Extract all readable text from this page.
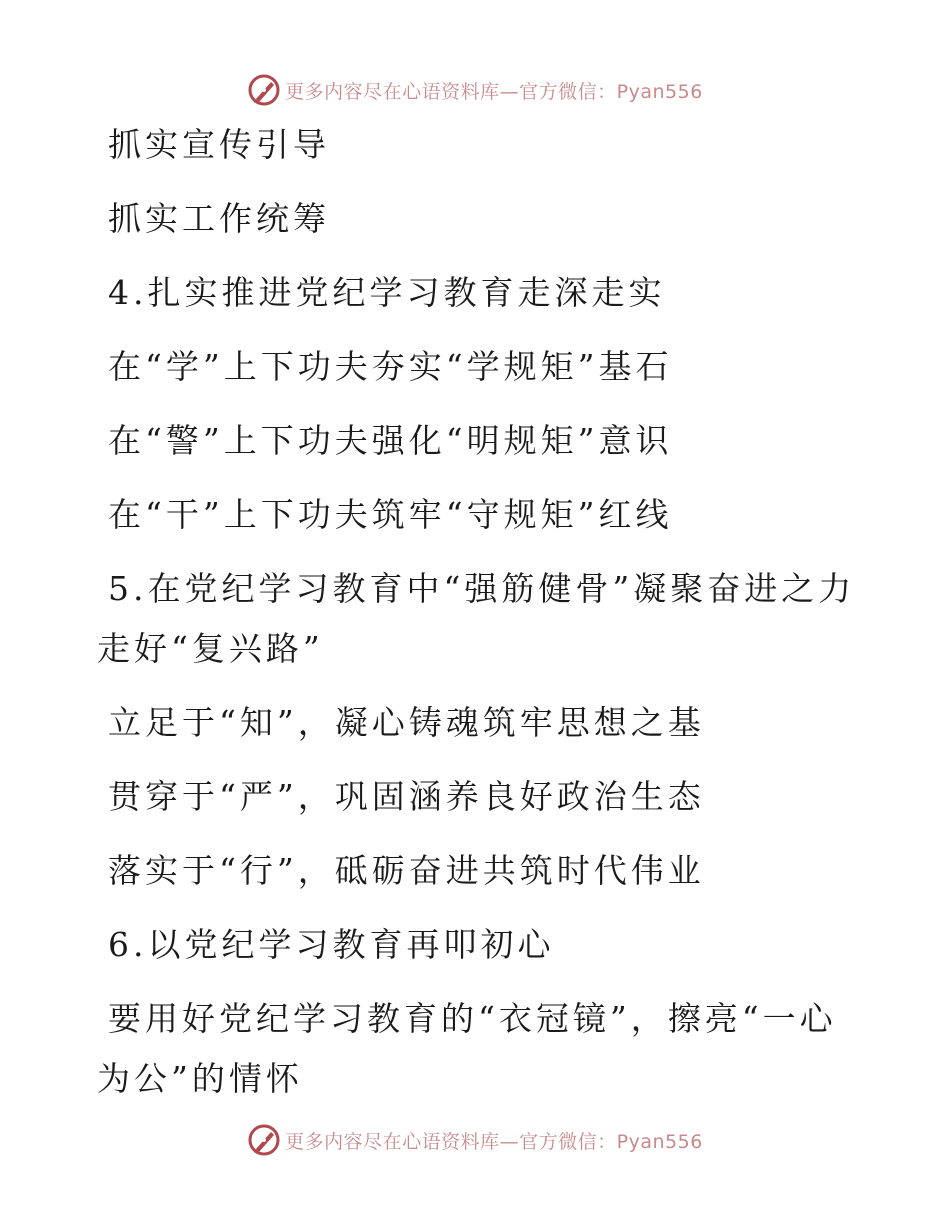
更多内容尽在心语资料库—官方微信：Pyan556
抓实宣传引导
抓实工作统筹
4.扎实推进党纪学习教育走深走实
在“学”上下功夫夯实“学规矩”基石
在“警”上下功夫强化“明规矩”意识
在“干”上下功夫筑牢“守规矩”红线
5.在党纪学习教育中“强筋健骨”凝聚奋进之力
走好“复兴路”
立足于“知”，凝心铸魂筑牢思想之基
贯穿于“严”，巩固涵养良好政治生态
落实于“行”，砥砺奋进共筑时代伟业
6.以党纪学习教育再叩初心
要用好党纪学习教育的“衣冠镜”，擦亮“一心
为公”的情怀
更多内容尽在心语资料库—官方微信：Pyan556
